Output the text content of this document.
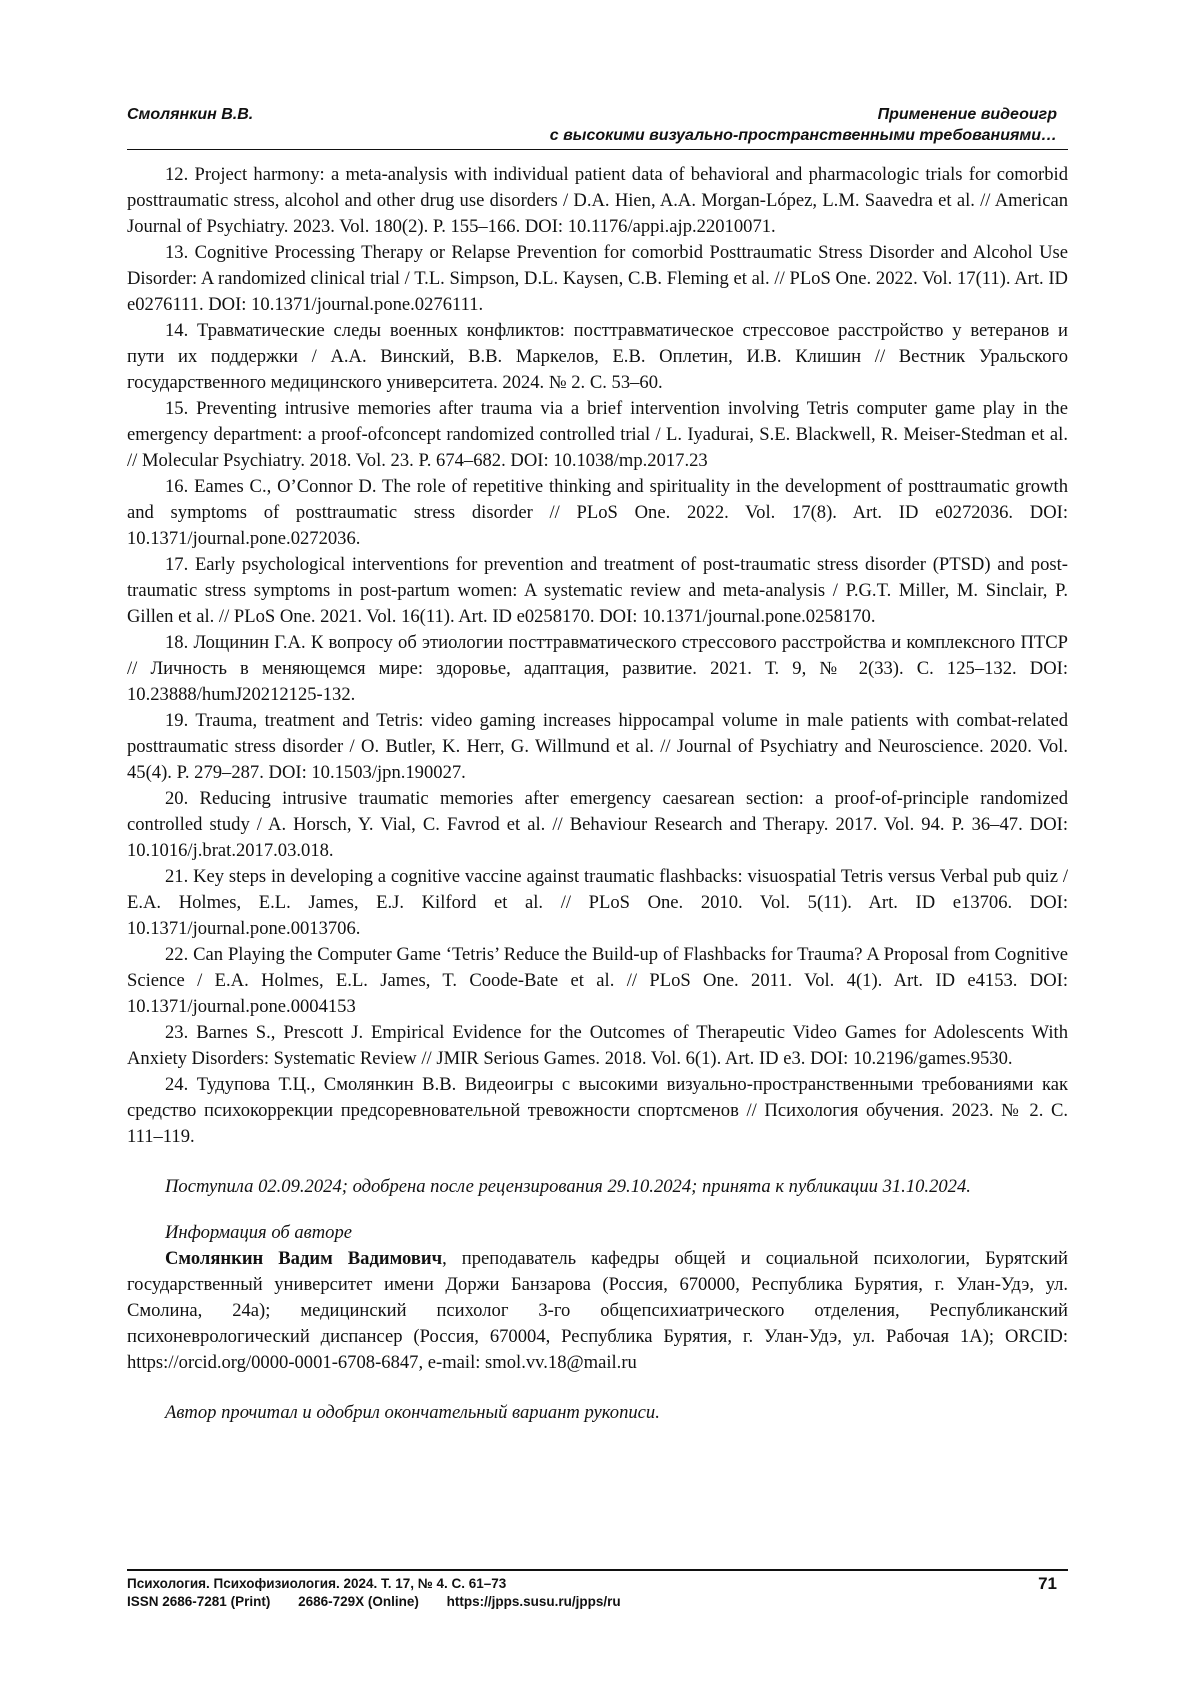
Смолянкин В.В.	Применение видеоигр
с высокими визуально-пространственными требованиями…
12. Project harmony: a meta-analysis with individual patient data of behavioral and pharmacologic trials for comorbid posttraumatic stress, alcohol and other drug use disorders / D.A. Hien, A.A. Morgan-López, L.M. Saavedra et al. // American Journal of Psychiatry. 2023. Vol. 180(2). P. 155–166. DOI: 10.1176/appi.ajp.22010071.
13. Cognitive Processing Therapy or Relapse Prevention for comorbid Posttraumatic Stress Disorder and Alcohol Use Disorder: A randomized clinical trial / T.L. Simpson, D.L. Kaysen, C.B. Fleming et al. // PLoS One. 2022. Vol. 17(11). Art. ID e0276111. DOI: 10.1371/journal.pone.0276111.
14. Травматические следы военных конфликтов: посттравматическое стрессовое расстройство у ветеранов и пути их поддержки / А.А. Винский, В.В. Маркелов, Е.В. Оплетин, И.В. Клишин // Вестник Уральского государственного медицинского университета. 2024. № 2. С. 53–60.
15. Preventing intrusive memories after trauma via a brief intervention involving Tetris computer game play in the emergency department: a proof-ofconcept randomized controlled trial / L. Iyadurai, S.E. Blackwell, R. Meiser-Stedman et al. // Molecular Psychiatry. 2018. Vol. 23. P. 674–682. DOI: 10.1038/mp.2017.23
16. Eames C., O’Connor D. The role of repetitive thinking and spirituality in the development of posttraumatic growth and symptoms of posttraumatic stress disorder // PLoS One. 2022. Vol. 17(8). Art. ID e0272036. DOI: 10.1371/journal.pone.0272036.
17. Early psychological interventions for prevention and treatment of post-traumatic stress disorder (PTSD) and post-traumatic stress symptoms in post-partum women: A systematic review and meta-analysis / P.G.T. Miller, M. Sinclair, P. Gillen et al. // PLoS One. 2021. Vol. 16(11). Art. ID e0258170. DOI: 10.1371/journal.pone.0258170.
18. Лощинин Г.А. К вопросу об этиологии посттравматического стрессового расстройства и комплексного ПТСР // Личность в меняющемся мире: здоровье, адаптация, развитие. 2021. Т. 9, № 2(33). С. 125–132. DOI: 10.23888/humJ20212125-132.
19. Trauma, treatment and Tetris: video gaming increases hippocampal volume in male patients with combat-related posttraumatic stress disorder / O. Butler, K. Herr, G. Willmund et al. // Journal of Psychiatry and Neuroscience. 2020. Vol. 45(4). P. 279–287. DOI: 10.1503/jpn.190027.
20. Reducing intrusive traumatic memories after emergency caesarean section: a proof-of-principle randomized controlled study / A. Horsch, Y. Vial, C. Favrod et al. // Behaviour Research and Therapy. 2017. Vol. 94. P. 36–47. DOI: 10.1016/j.brat.2017.03.018.
21. Key steps in developing a cognitive vaccine against traumatic flashbacks: visuospatial Tetris versus Verbal pub quiz / E.A. Holmes, E.L. James, E.J. Kilford et al. // PLoS One. 2010. Vol. 5(11). Art. ID e13706. DOI: 10.1371/journal.pone.0013706.
22. Can Playing the Computer Game ‘Tetris’ Reduce the Build-up of Flashbacks for Trauma? A Proposal from Cognitive Science / E.A. Holmes, E.L. James, T. Coode-Bate et al. // PLoS One. 2011. Vol. 4(1). Art. ID e4153. DOI: 10.1371/journal.pone.0004153
23. Barnes S., Prescott J. Empirical Evidence for the Outcomes of Therapeutic Video Games for Adolescents With Anxiety Disorders: Systematic Review // JMIR Serious Games. 2018. Vol. 6(1). Art. ID e3. DOI: 10.2196/games.9530.
24. Тудупова Т.Ц., Смолянкин В.В. Видеоигры с высокими визуально-пространственными требованиями как средство психокоррекции предсоревновательной тревожности спортсменов // Психология обучения. 2023. № 2. С. 111–119.

Поступила 02.09.2024; одобрена после рецензирования 29.10.2024; принята к публикации 31.10.2024.

Информация об авторе
Смолянкин Вадим Вадимович, преподаватель кафедры общей и социальной психологии, Бурятский государственный университет имени Доржи Банзарова (Россия, 670000, Республика Бурятия, г. Улан-Удэ, ул. Смолина, 24а); медицинский психолог 3-го общепсихиатрического отделения, Республиканский психоневрологический диспансер (Россия, 670004, Республика Бурятия, г. Улан-Удэ, ул. Рабочая 1А); ORCID: https://orcid.org/0000-0001-6708-6847, e-mail: smol.vv.18@mail.ru

Автор прочитал и одобрил окончательный вариант рукописи.

Психология. Психофизиология. 2024. Т. 17, № 4. С. 61–73	71
ISSN 2686-7281 (Print) 2686-729X (Online) https://jpps.susu.ru/jpps/ru
